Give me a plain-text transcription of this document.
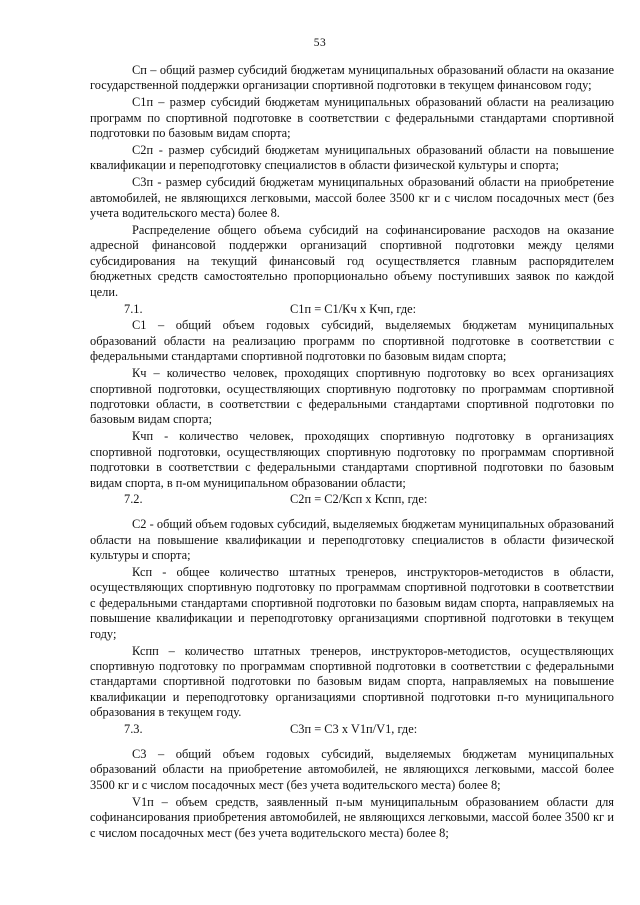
53

Сп – общий размер субсидий бюджетам муниципальных образований области на оказание государственной поддержки организации спортивной подготовки в текущем финансовом году;

С1п – размер субсидий бюджетам муниципальных образований области на реализацию программ по спортивной подготовке в соответствии с федеральными стандартами спортивной подготовки по базовым видам спорта;

С2п - размер субсидий бюджетам муниципальных образований области на повышение квалификации и переподготовку специалистов в области физической культуры и спорта;

С3п - размер субсидий бюджетам муниципальных образований области на приобретение автомобилей, не являющихся легковыми, массой более 3500 кг и с числом посадочных мест (без учета водительского места) более 8.

Распределение общего объема субсидий на софинансирование расходов на оказание адресной финансовой поддержки организаций спортивной подготовки между целями субсидирования на текущий финансовый год осуществляется главным распорядителем бюджетных средств самостоятельно пропорционально объему поступивших заявок по каждой цели.

7.1.	С1п = С1/Кч x Кчп, где:

С1 – общий объем годовых субсидий, выделяемых бюджетам муниципальных образований области на реализацию программ по спортивной подготовке в соответствии с федеральными стандартами спортивной подготовки по базовым видам спорта;

Кч – количество человек, проходящих спортивную подготовку во всех организациях спортивной подготовки, осуществляющих спортивную подготовку по программам спортивной подготовки области, в соответствии с федеральными стандартами спортивной подготовки по базовым видам спорта;

Кчп - количество человек, проходящих спортивную подготовку в организациях спортивной подготовки, осуществляющих спортивную подготовку по программам спортивной подготовки в соответствии с федеральными стандартами спортивной подготовки по базовым видам спорта, в п-ом муниципальном образовании области;

7.2.	С2п = С2/Ксп x Кспп, где:

С2 - общий объем годовых субсидий, выделяемых бюджетам муниципальных образований области на повышение квалификации и переподготовку специалистов в области физической культуры и спорта;

Ксп - общее количество штатных тренеров, инструкторов-методистов в области, осуществляющих спортивную подготовку по программам спортивной подготовки в соответствии с федеральными стандартами спортивной подготовки по базовым видам спорта, направляемых на повышение квалификации и переподготовку организациями спортивной подготовки в текущем году;

Кспп – количество штатных тренеров, инструкторов-методистов, осуществляющих спортивную подготовку по программам спортивной подготовки в соответствии с федеральными стандартами спортивной подготовки по базовым видам спорта, направляемых на повышение квалификации и переподготовку организациями спортивной подготовки п-го муниципального образования в текущем году.

7.3.	С3п = С3 x V1п/V1, где:

С3 – общий объем годовых субсидий, выделяемых бюджетам муниципальных образований области на приобретение автомобилей, не являющихся легковыми, массой более 3500 кг и с числом посадочных мест (без учета водительского места) более 8;

V1п – объем средств, заявленный п-ым муниципальным образованием области для софинансирования приобретения автомобилей, не являющихся легковыми, массой более 3500 кг и с числом посадочных мест (без учета водительского места) более 8;
